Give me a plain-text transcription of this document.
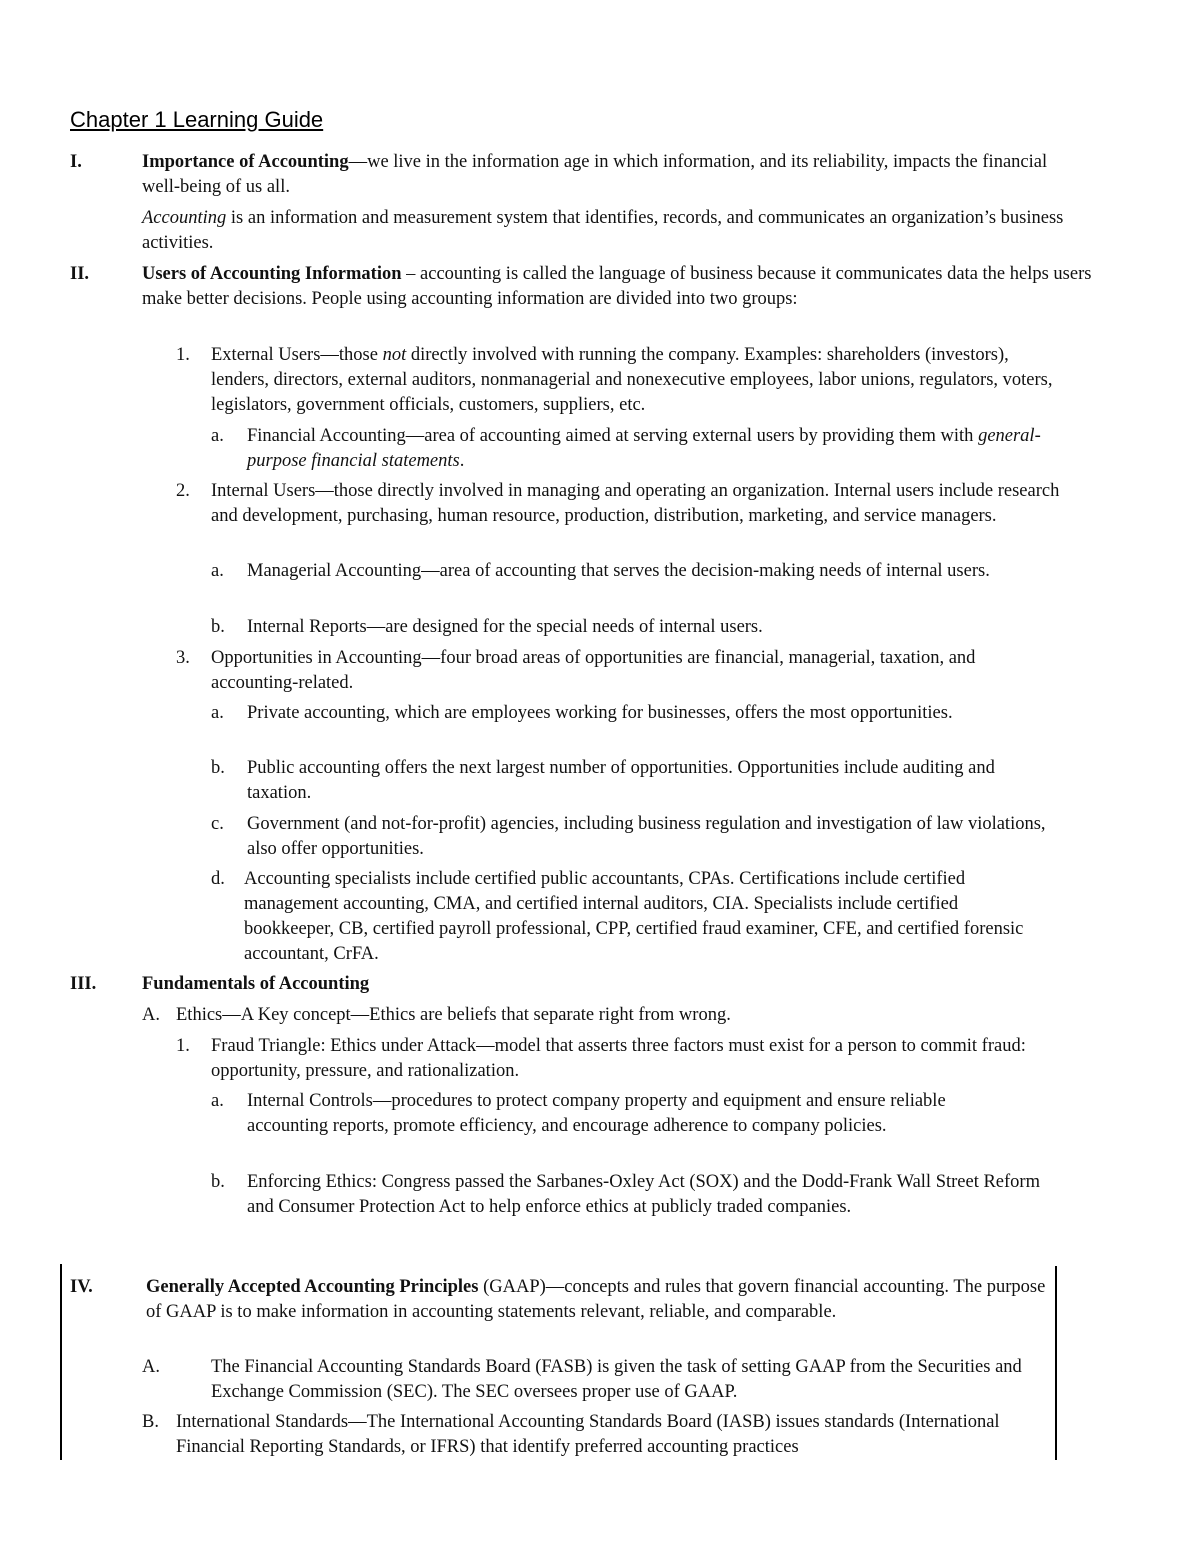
Chapter 1 Learning Guide
I.	Importance of Accounting—we live in the information age in which information, and its reliability, impacts the financial well-being of us all.
Accounting is an information and measurement system that identifies, records, and communicates an organization’s business activities.
II.	Users of Accounting Information – accounting is called the language of business because it communicates data the helps users make better decisions. People using accounting information are divided into two groups:
1. External Users—those not directly involved with running the company. Examples: shareholders (investors), lenders, directors, external auditors, nonmanagerial and nonexecutive employees, labor unions, regulators, voters, legislators, government officials, customers, suppliers, etc.
a. Financial Accounting—area of accounting aimed at serving external users by providing them with general-purpose financial statements.
2. Internal Users—those directly involved in managing and operating an organization. Internal users include research and development, purchasing, human resource, production, distribution, marketing, and service managers.
a. Managerial Accounting—area of accounting that serves the decision-making needs of internal users.
b. Internal Reports—are designed for the special needs of internal users.
3. Opportunities in Accounting—four broad areas of opportunities are financial, managerial, taxation, and accounting-related.
a. Private accounting, which are employees working for businesses, offers the most opportunities.
b. Public accounting offers the next largest number of opportunities. Opportunities include auditing and taxation.
c. Government (and not-for-profit) agencies, including business regulation and investigation of law violations, also offer opportunities.
d. Accounting specialists include certified public accountants, CPAs. Certifications include certified management accounting, CMA, and certified internal auditors, CIA. Specialists include certified bookkeeper, CB, certified payroll professional, CPP, certified fraud examiner, CFE, and certified forensic accountant, CrFA.
III. Fundamentals of Accounting
A. Ethics—A Key concept—Ethics are beliefs that separate right from wrong.
1. Fraud Triangle: Ethics under Attack—model that asserts three factors must exist for a person to commit fraud: opportunity, pressure, and rationalization.
a. Internal Controls—procedures to protect company property and equipment and ensure reliable accounting reports, promote efficiency, and encourage adherence to company policies.
b. Enforcing Ethics: Congress passed the Sarbanes-Oxley Act (SOX) and the Dodd-Frank Wall Street Reform and Consumer Protection Act to help enforce ethics at publicly traded companies.
IV.	Generally Accepted Accounting Principles (GAAP)—concepts and rules that govern financial accounting. The purpose of GAAP is to make information in accounting statements relevant, reliable, and comparable.
A.	The Financial Accounting Standards Board (FASB) is given the task of setting GAAP from the Securities and Exchange Commission (SEC). The SEC oversees proper use of GAAP.
B. International Standards—The International Accounting Standards Board (IASB) issues standards (International Financial Reporting Standards, or IFRS) that identify preferred accounting practices
